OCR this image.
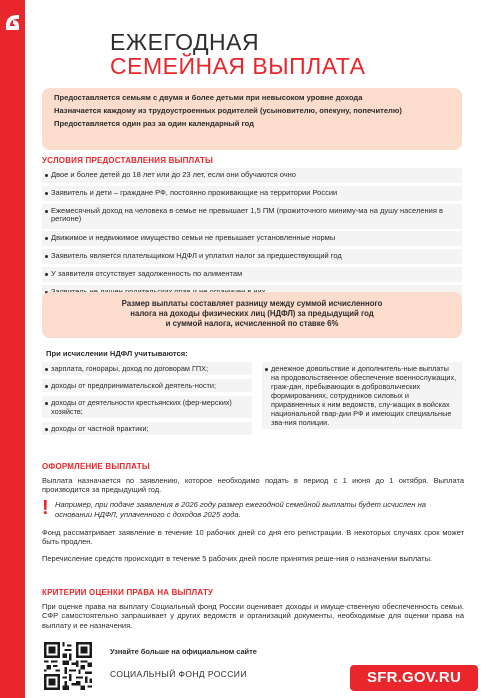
ЕЖЕГОДНАЯ
СЕМЕЙНАЯ ВЫПЛАТА

Предоставляется семьям с двумя и более детьми при невысоком уровне дохода

Назначается каждому из трудоустроенных родителей (усыновителю, опекуну, попечителю)

Предоставляется один раз за один календарный год

УСЛОВИЯ ПРЕДОСТАВЛЕНИЯ ВЫПЛАТЫ
Двое и более детей до 18 лет или до 23 лет, если они обучаются очно
Заявитель и дети – граждане РФ, постоянно проживающие на территории России
Ежемесячный доход на человека в семье не превышает 1,5 ПМ (прожиточного миниму-ма на душу населения в регионе)
Движимое и недвижимое имущество семьи не превышает установленные нормы
Заявитель является плательщиком НДФЛ и уплатил налог за предшествующий год
У заявителя отсутствует задолженность по алиментам
Размер выплаты составляет разницу между суммой исчисленного
налога на доходы физических лиц (НДФЛ) за предыдущий год
и суммой налога, исчисленной по ставке 6%
При исчислении НДФЛ учитываются:
зарплата, гонорары, доход по договорам ГПХ;
доходы от предпринимательской деятель-ности;
доходы от деятельности крестьянских (фер-мерских) хозяйств;
доходы от частной практики;
денежное довольствие и дополнитель-ные выплаты на продовольственное обеспечение военнослужащих, граж-дан, пребывающих в добровольческих формированиях, сотрудников силовых и приравненных к ним ведомств, слу-жащих в войсках национальной гвар-дии РФ и имеющих специальные зва-ния полиции.
ОФОРМЛЕНИЕ ВЫПЛАТЫ
Выплата назначается по заявлению, которое необходимо подать в период с 1 июня до 1 октября. Выплата производится за предыдущий год.
! Например, при подаче заявления в 2026 году размер ежегодной семейной выплаты будет исчислен на основании НДФЛ, уплаченного с доходов 2025 года.
Фонд рассматривает заявление в течение 10 рабочих дней со дня его регистрации. В некоторых случаях срок может быть продлен.
Перечисление средств происходит в течение 5 рабочих дней после принятия реше-ния о назначении выплаты.
КРИТЕРИИ ОЦЕНКИ ПРАВА НА ВЫПЛАТУ
При оценке права на выплату Социальный фонд России оценивает доходы и имуще-ственную обеспеченность семьи. СФР самостоятельно запрашивает у других ведомств и организаций документы, необходимые для оценки права на выплату и ее назначения.
Узнайте больше на официальном сайте
СОЦИАЛЬНЫЙ ФОНД РОССИИ	SFR.GOV.RU
